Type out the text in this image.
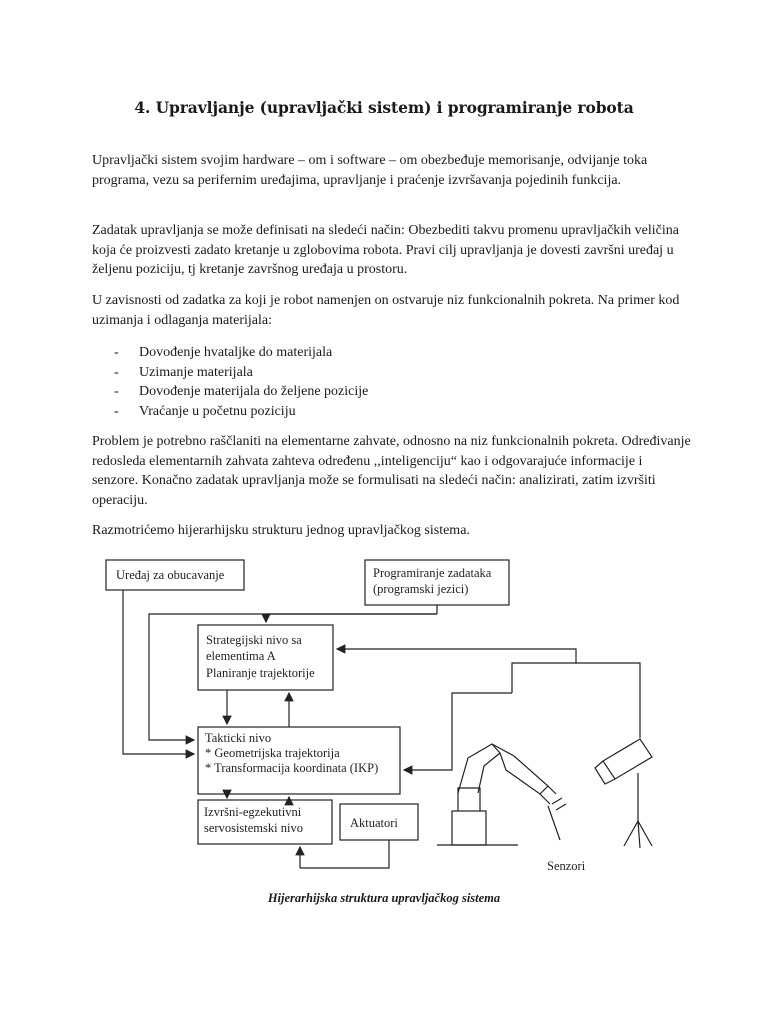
4. Upravljanje (upravljački sistem) i programiranje robota

Upravljački sistem svojim hardware – om i software – om obezbeđuje memorisanje, odvijanje toka programa, vezu sa perifernim uređajima, upravljanje i praćenje izvršavanja pojedinih funkcija.

Zadatak upravljanja se može definisati na sledeći način: Obezbediti takvu promenu upravljačkih veličina koja će proizvesti zadato kretanje u zglobovima robota. Pravi cilj upravljanja je dovesti završni uređaj u željenu poziciju, tj kretanje završnog uređaja u prostoru.

U zavisnosti od zadatka za koji je robot namenjen on ostvaruje niz funkcionalnih pokreta. Na primer kod uzimanja i odlaganja materijala:

- Dovođenje hvataljke do materijala
- Uzimanje materijala
- Dovođenje materijala do željene pozicije
- Vraćanje u početnu poziciju

Problem je potrebno raščlaniti na elementarne zahvate, odnosno na niz funkcionalnih pokreta. Određivanje redosleda elementarnih zahvata zahteva određenu ,,inteligenciju“ kao i odgovarajuće informacije i senzore. Konačno zadatak upravljanja može se formulisati na sledeći način: analizirati, zatim izvršiti operaciju.

Razmotrićemo hijerarhijsku strukturu jednog upravljačkog sistema.

Uređaj za obucavanje	Programiranje zadataka
(programski jezici)
Strategijski nivo sa
elementima A
Planiranje trajektorije
Takticki nivo
* Geometrijska trajektorija
* Transformacija koordinata (IKP)
Izvršni-egzekutivni
servosistemski nivo	Aktuatori
Senzori
Hijerarhijska struktura upravljačkog sistema
